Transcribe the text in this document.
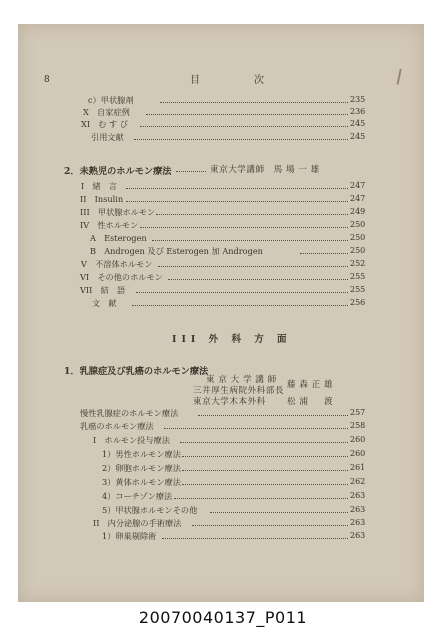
8	目　次
c）甲状腺剤	235
X　自家症例	236
XI　む す び	245
引用文献	245
2．未熟児のホルモン療法	東京大学講師　馬 場 一 雄
I　緒　言	247
II　Insulin	247
III　甲状腺ホルモン	249
IV　性ホルモン	250
A　Esterogen	250
B　Androgen 及び Esterogen 加 Androgen	250
V　不溶体ホルモン	252
VI　その他のホルモン	255
VII　結　語	255
文　献	256
III 外 科 方 面
1．乳腺症及び乳癌のホルモン療法
東 京 大 学 講 師
三井厚生病院外科部長
藤 森 正 雄
東京大学木本外科 松 浦 　 渡
慢性乳腺症のホルモン療法	257
乳癌のホルモン療法	258
I　ホルモン投与療法	260
1）男性ホルモン療法	260
2）卵胞ホルモン療法	261
3）黄体ホルモン療法	262
4）コーチゾン療法	263
5）甲状腺ホルモンその他	263
II　内分泌腺の手術療法	263
1）卵巣剔除術	263
20070040137_P011
